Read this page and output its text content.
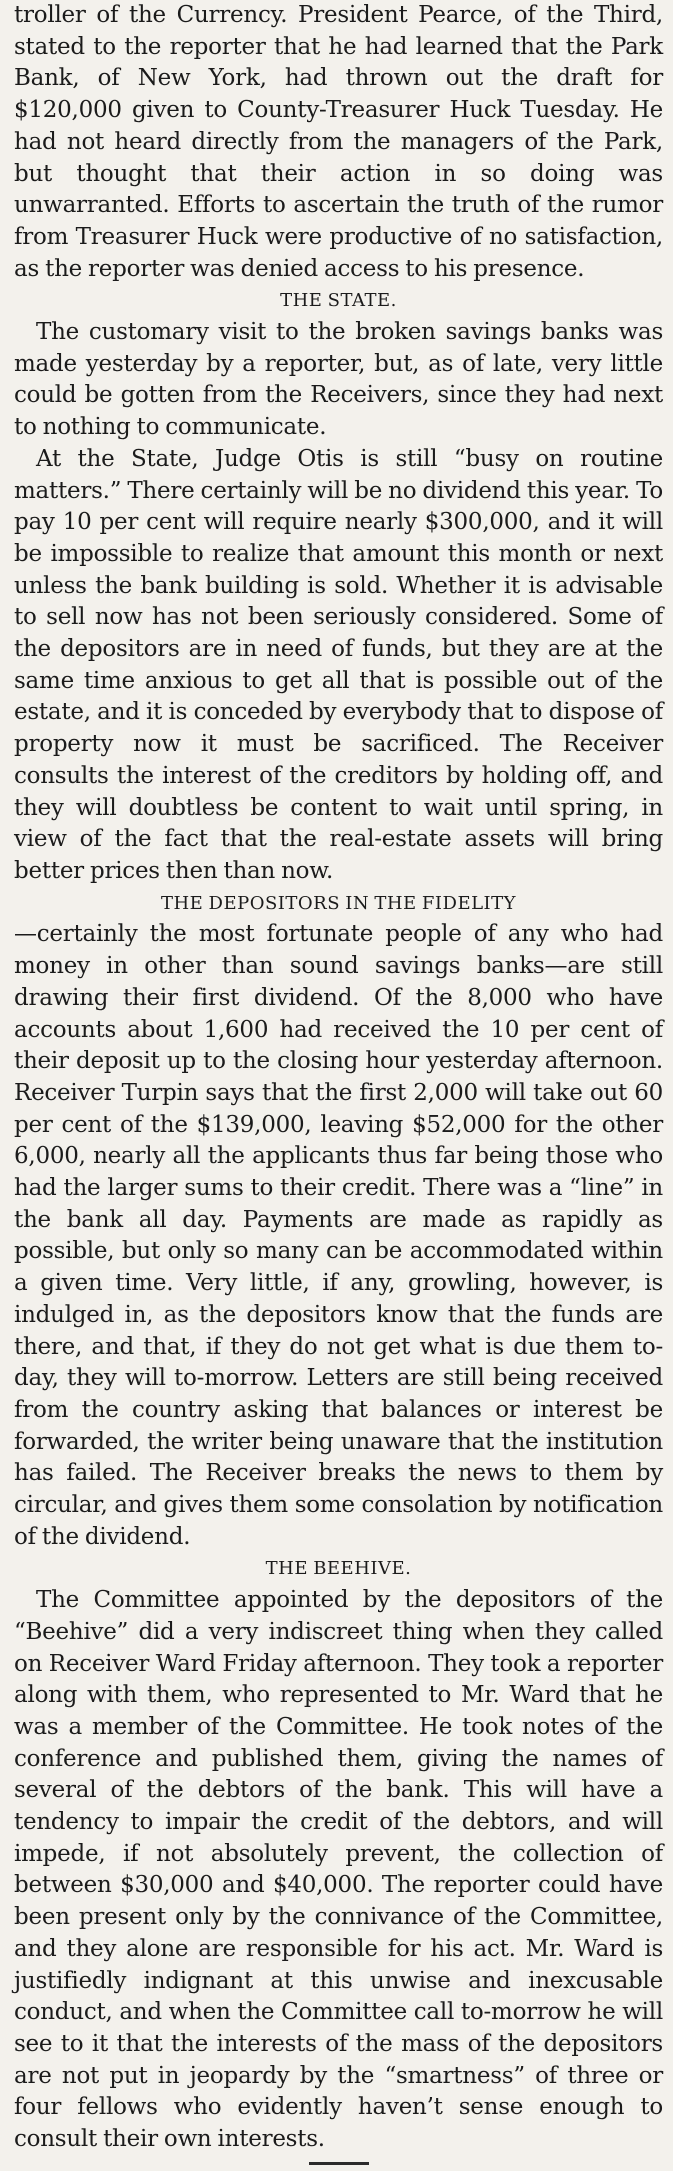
troller of the Currency. President Pearce, of the Third, stated to the reporter that he had learned that the Park Bank, of New York, had thrown out the draft for $120,000 given to County-Treasurer Huck Tuesday. He had not heard directly from the managers of the Park, but thought that their action in so doing was unwarranted. Efforts to ascertain the truth of the rumor from Treasurer Huck were productive of no satisfaction, as the reporter was denied access to his presence.

THE STATE.

The customary visit to the broken savings banks was made yesterday by a reporter, but, as of late, very little could be gotten from the Receivers, since they had next to nothing to communicate.

At the State, Judge Otis is still “busy on routine matters.” There certainly will be no dividend this year. To pay 10 per cent will require nearly $300,000, and it will be impossible to realize that amount this month or next unless the bank building is sold. Whether it is advisable to sell now has not been seriously considered. Some of the depositors are in need of funds, but they are at the same time anxious to get all that is possible out of the estate, and it is conceded by everybody that to dispose of property now it must be sacrificed. The Receiver consults the interest of the creditors by holding off, and they will doubtless be content to wait until spring, in view of the fact that the real-estate assets will bring better prices then than now.

THE DEPOSITORS IN THE FIDELITY

—certainly the most fortunate people of any who had money in other than sound savings banks—are still drawing their first dividend. Of the 8,000 who have accounts about 1,600 had received the 10 per cent of their deposit up to the closing hour yesterday afternoon. Receiver Turpin says that the first 2,000 will take out 60 per cent of the $139,000, leaving $52,000 for the other 6,000, nearly all the applicants thus far being those who had the larger sums to their credit. There was a “line” in the bank all day. Payments are made as rapidly as possible, but only so many can be accommodated within a given time. Very little, if any, growling, however, is indulged in, as the depositors know that the funds are there, and that, if they do not get what is due them to-day, they will to-morrow. Letters are still being received from the country asking that balances or interest be forwarded, the writer being unaware that the institution has failed. The Receiver breaks the news to them by circular, and gives them some consolation by notification of the dividend.

THE BEEHIVE.

The Committee appointed by the depositors of the “Beehive” did a very indiscreet thing when they called on Receiver Ward Friday afternoon. They took a reporter along with them, who represented to Mr. Ward that he was a member of the Committee. He took notes of the conference and published them, giving the names of several of the debtors of the bank. This will have a tendency to impair the credit of the debtors, and will impede, if not absolutely prevent, the collection of between $30,000 and $40,000. The reporter could have been present only by the connivance of the Committee, and they alone are responsible for his act. Mr. Ward is justifiedly indignant at this unwise and inexcusable conduct, and when the Committee call to-morrow he will see to it that the interests of the mass of the depositors are not put in jeopardy by the “smartness” of three or four fellows who evidently haven’t sense enough to consult their own interests.
